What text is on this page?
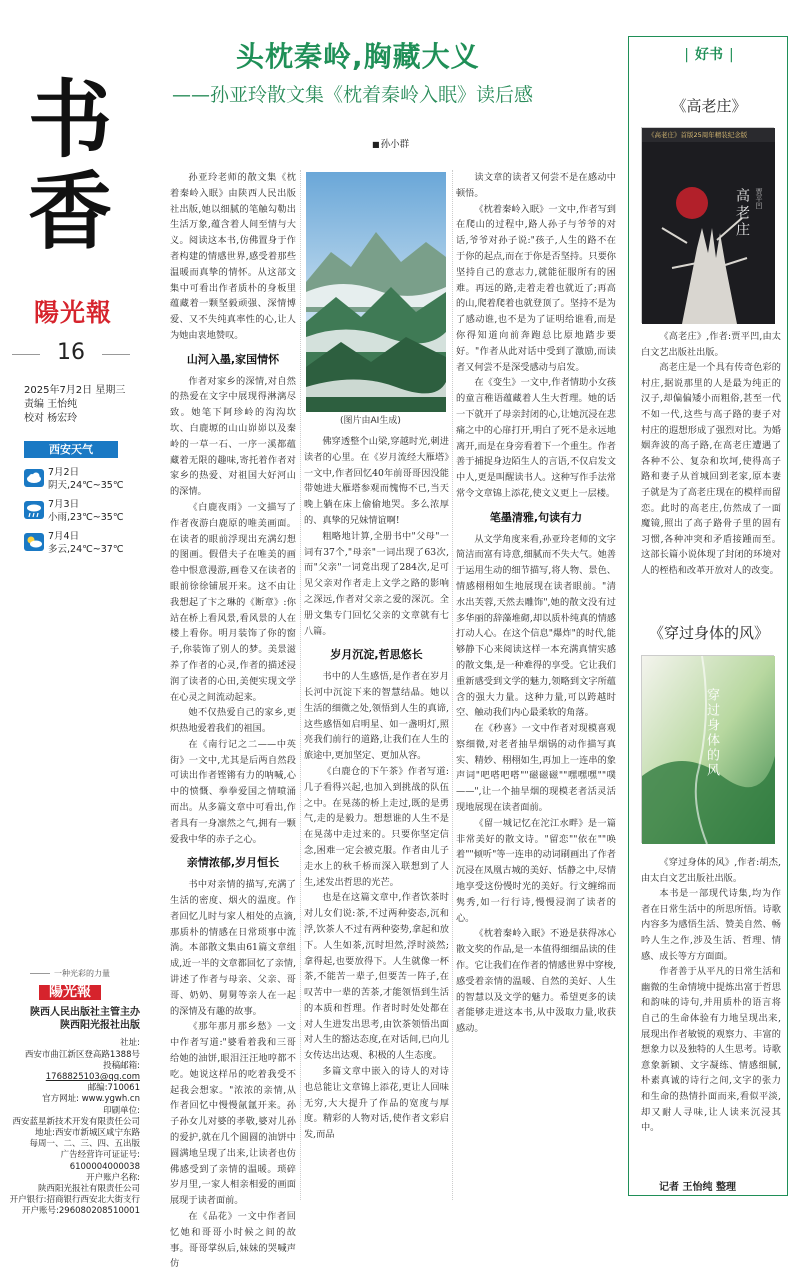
书
香
陽光報
16
2025年7月2日 星期三
责编 王怡纯
校对 杨宏玲
西安天气
7月2日
阴天,24℃~35℃
7月3日
小雨,23℃~35℃
7月4日
多云,24℃~37℃
一种光彩的力量
陽光報
陕西人民出版社主管主办
陕西阳光报社出版
社址:
西安市曲江新区登高路1388号
投稿邮箱:
1768825103@qq.com
邮编:710061
官方网址: www.ygwh.cn
印刷单位:
西安蓝星新技术开发有限责任公司
地址:西安市新城区咸宁东路
每周一、二、三、四、五出版
广告经营许可证证号:
6100004000038
开户账户名称:
陕西阳光报社有限责任公司
开户银行:招商银行西安北大街支行
开户账号:296080208510001
头枕秦岭,胸藏大义
——孙亚玲散文集《枕着秦岭入眠》读后感
■ 孙小群

孙亚玲老师的散文集《枕着秦岭入眠》由陕西人民出版社出版,她以细腻的笔触勾勒出生活万象,蕴含着人间至情与大义。阅读这本书,仿佛置身于作者构建的情感世界,感受着那些温暖而真挚的情怀。从这部文集中可看出作者质朴的身板里蕴藏着一颗坚毅顽强、深情博爱、又不失纯真率性的心,让人为她由衷地赞叹。

山河入墨,家国情怀

作者对家乡的深情,对自然的热爱在文字中展现得淋漓尽致。她笔下阿珍岭的沟沟坎坎、白鹿塬的山山峁峁以及秦岭的一草一石、一序一溪都蕴藏着无限的趣味,寄托着作者对家乡的热爱、对祖国大好河山的深情。

《白鹿夜雨》一文描写了作者夜游白鹿原的唯美画面。在读者的眼前浮现出充满幻想的图画。假借夫子在唯美的画卷中恨意漫游,画卷又在读者的眼前徐徐铺展开来。这不由让我想起了卞之琳的《断章》:你站在桥上看风景,看风景的人在楼上看你。明月装饰了你的窗子,你装饰了别人的梦。美景滋养了作者的心灵,作者的描述浸润了读者的心田,美便实现文学在心灵之间流动起来。

她不仅热爱自己的家乡,更炽热地爱着我们的祖国。

在《南行记之二——中英街》一文中,尤其是后两自然段可读出作者铿锵有力的呐喊,心中的愤慨、拳拳爱国之情喷涌而出。从多篇文章中可看出,作者具有一身凛然之气,拥有一颗爱我中华的赤子之心。

亲情浓郁,岁月恒长

书中对亲情的描写,充满了生活的密度、烟火的温度。作者回忆儿时与家人相处的点滴,那质朴的情感在日常琐事中流淌。本部散文集由61篇文章组成,近一半的文章都回忆了亲情,讲述了作者与母亲、父亲、哥哥、奶奶、舅舅等亲人在一起的深情及有趣的故事。

《那年那月那乡愁》一文中作者写道:"婆看着我和三哥给她的油饼,眼泪汪汪地哼都不吃。她说这样吊的吃着我受不起我会想家。"浓浓的亲情,从作者回忆中慢慢氤氲开来。孙子孙女儿对婆的孝敬,婆对儿孙的爱护,就在几个圆圆的油饼中圆满地呈现了出来,让读者也仿佛感受到了亲情的温暖。琐碎岁月里,一家人相亲相爱的画面展现于读者面前。

在《品花》一文中作者回忆她和哥哥小时候之间的故事。哥哥掌纵后,妹妹的哭喊声仿

(图片由AI生成)

佛穿透整个山梁,穿越时光,刺进读者的心里。在《岁月流经大雁塔》一文中,作者回忆40年前哥哥因没能带她进大雁塔参观而愧悔不已,当天晚上躺在床上偷偷地哭。多么浓厚的、真挚的兄妹情谊啊!

粗略地计算,全册书中"父母"一词有37个,"母亲"一词出现了63次,而"父亲"一词竟出现了284次,足可见父亲对作者走上文学之路的影响之深远,作者对父亲之爱的深沉。全册文集专门回忆父亲的文章就有七八篇。

岁月沉淀,哲思悠长

书中的人生感悟,是作者在岁月长河中沉淀下来的智慧结晶。她以生活的细微之处,领悟到人生的真谛,这些感悟如启明星、如一盏明灯,照亮我们前行的道路,让我们在人生的旅途中,更加坚定、更加从容。

《白鹿仓的下午茶》作者写道:几子看得兴起,也加入到挑战的队伍之中。在晃荡的桥上走过,既的是勇气,走的是毅力。想想谁的人生不是在晃荡中走过来的。只要你坚定信念,困难一定会被克服。作者由儿子走水上的秋千桥而深入联想到了人生,述发出哲思的光芒。

也是在这篇文章中,作者饮茶时对儿女们说:茶,不过两种姿态,沉和浮,饮茶人不过有两种姿势,拿起和放下。人生如茶,沉时坦然,浮时淡然;拿得起,也要放得下。人生就像一杯茶,不能苦一辈子,但要苦一阵子,在叹苦中一辈的苦茶,才能领悟到生活的本质和哲理。作者时时处处都在对人生进发出思考,由饮茶领悟出面对人生的豁达态度,在对话间,已向儿女传达出达观、积极的人生态度。

多篇文章中嵌入的诗人的对诗也总能让文章锦上添花,更让人回味无穷,大大提升了作品的宽度与厚度。精彩的人物对话,使作者文彩启发,而品

读文章的读者又何尝不是在感动中顿悟。

《枕着秦岭入眠》一文中,作者写到在爬山的过程中,路人孙子与爷爷的对话,爷爷对孙子说:"孩子,人生的路不在于你的起点,而在于你是否坚持。只要你坚持自己的意志力,就能征服所有的困难。再远的路,走着走着也就近了;再高的山,爬着爬着也就登顶了。坚持不是为了感动谁,也不是为了证明给谁看,而是你得知道向前奔跑总比原地踏步要好。"作者从此对话中受到了激励,而读者又何尝不是深受感动与启发。

在《变生》一文中,作者情助小女孩的童言稚语蕴藏着人生大哲理。她的话一下就开了母亲封闭的心,让她沉浸在悲痛之中的心扉打开,明白了死不是永远地离开,而是在身旁看着下一个重生。作者善于捕捉身边陌生人的言语,不仅启发文中人,更是叫醒读书人。这种写作手法常常令文章锦上添花,使文义更上一层楼。

笔墨清雅,句读有力

从文学角度来看,孙亚玲老师的文字简洁而富有诗意,细腻而不失大气。她善于运用生动的细节描写,将人物、景色、情感栩栩如生地展现在读者眼前。"清水出芙蓉,天然去雕饰",她的散文没有过多华丽的辞藻堆砌,却以质朴纯真的情感打动人心。在这个信息"爆炸"的时代,能够静下心来阅读这样一本充满真情实感的散文集,是一种难得的享受。它让我们重新感受到文学的魅力,领略到文字所蕴含的强大力量。这种力量,可以跨越时空、触动我们内心最柔软的角落。

在《秒喜》一文中作者对现模喜观察细微,对老者抽旱烟锅的动作描写真实、精妙、栩栩如生,再加上一连串的象声词"吧嗒吧嗒""磁磁磁""嘿嘿嘿""噗——",让一个抽旱烟的现模老者活灵活现地展现在读者面前。

《留一城记忆在沱江水畔》是一篇非常美好的散文诗。"留恋""依在""唤着""倾听"等一连串的动词刷画出了作者沉浸在凤凰古城的美好、恬静之中,尽情地享受这份慢时光的美好。行文缠绵而隽秀,如一行行诗,慢慢浸润了读者的心。

《枕着秦岭入眠》不逊是获得冰心散文奖的作品,是一本值得细细品读的佳作。它让我们在作者的情感世界中穿梭,感受着亲情的温暖、自然的美好、人生的智慧以及文学的魅力。希望更多的读者能够走进这本书,从中汲取力量,收获感动。

| 好书 |
《高老庄》
《高老庄》首版25周年精装纪念版
高老庄 贾平凹

《高老庄》,作者:贾平凹,由太白文艺出版社出版。

高老庄是一个具有传奇色彩的村庄,据说那里的人是最为纯正的汉子,却偏偏矮小而粗俗,甚至一代不如一代,这些与高子路的妻子对村庄的遐想形成了强烈对比。为婚姻奔波的高子路,在高老庄遭遇了各种不公、复杂和坎坷,使得高子路和妻子从首城回到老家,原本妻子就是为了高老庄现在的模样而留恋。此时的高老庄,仿然成了一面魔镜,照出了高子路骨子里的固有习惯,各种冲突和矛盾接踵而至。这部长篇小说体现了封闭的环境对人的桎梏和改革开放对人的改变。

《穿过身体的风》
穿过身体的风

《穿过身体的风》,作者:胡杰,由太白文艺出版社出版。

本书是一部现代诗集,均为作者在日常生活中的所思所悟。诗歌内容多为感悟生活、赞美自然、畅吟人生之作,涉及生活、哲理、情感、成长等方方面面。

作者善于从平凡的日常生活和幽微的生命情境中提炼出富于哲思和韵味的诗句,并用质朴的语言将自己的生命体验有力地呈现出来,展现出作者敏锐的观察力、丰富的想象力以及独特的人生思考。诗歌意象新颖、文字凝练、情感细腻,朴素真诚的诗行之间,文字的张力和生命的热情扑面而来,看似平淡,却又耐人寻味,让人读来沉浸其中。

记者 王怡纯 整理
